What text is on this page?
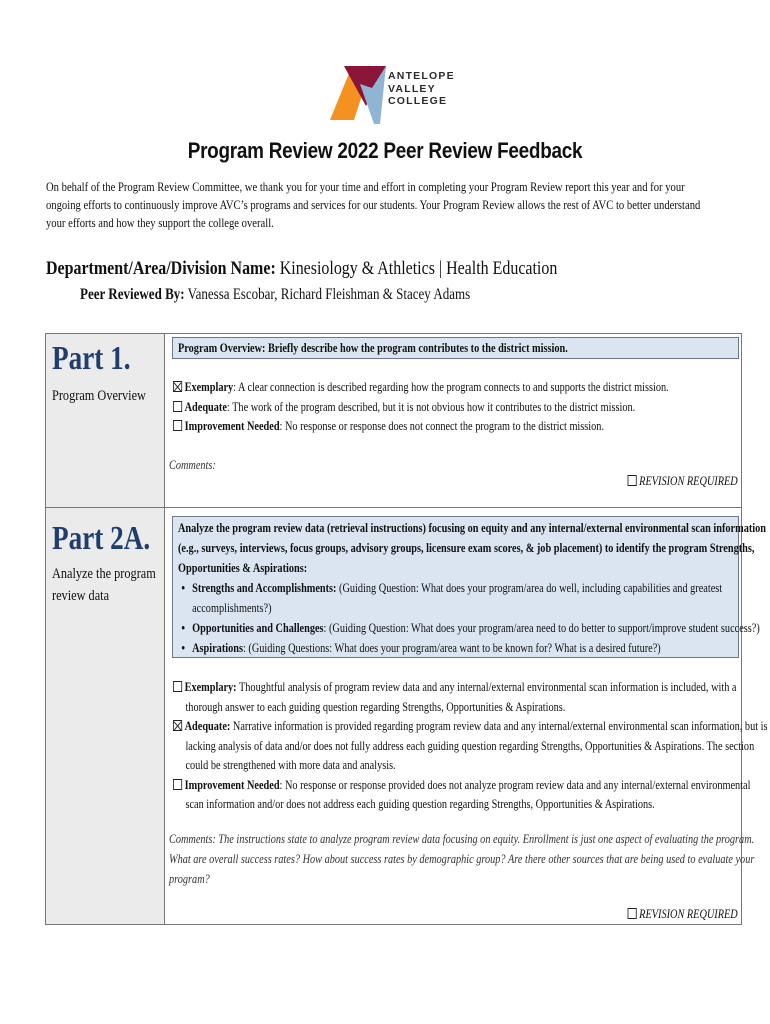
ANTELOPE
VALLEY
COLLEGE
Program Review 2022 Peer Review Feedback
On behalf of the Program Review Committee, we thank you for your time and effort in completing your Program Review report this year and for your ongoing efforts to continuously improve AVC’s programs and services for our students. Your Program Review allows the rest of AVC to better understand your efforts and how they support the college overall.
Department/Area/Division Name: Kinesiology & Athletics | Health Education
Peer Reviewed By: Vanessa Escobar, Richard Fleishman & Stacey Adams
Part 1.
Program Overview
Program Overview: Briefly describe how the program contributes to the district mission.
Exemplary: A clear connection is described regarding how the program connects to and supports the district mission.
Adequate: The work of the program described, but it is not obvious how it contributes to the district mission.
Improvement Needed: No response or response does not connect the program to the district mission.
Comments:
REVISION REQUIRED
Part 2A.
Analyze the program
review data
Analyze the program review data (retrieval instructions) focusing on equity and any internal/external environmental scan information
(e.g., surveys, interviews, focus groups, advisory groups, licensure exam scores, & job placement) to identify the program Strengths,
Opportunities & Aspirations:
• Strengths and Accomplishments: (Guiding Question: What does your program/area do well, including capabilities and greatest
accomplishments?)
• Opportunities and Challenges: (Guiding Question: What does your program/area need to do better to support/improve student success?)
• Aspirations: (Guiding Questions: What does your program/area want to be known for? What is a desired future?)
Exemplary: Thoughtful analysis of program review data and any internal/external environmental scan information is included, with a
thorough answer to each guiding question regarding Strengths, Opportunities & Aspirations.
Adequate: Narrative information is provided regarding program review data and any internal/external environmental scan information, but is
lacking analysis of data and/or does not fully address each guiding question regarding Strengths, Opportunities & Aspirations. The section
could be strengthened with more data and analysis.
Improvement Needed: No response or response provided does not analyze program review data and any internal/external environmental
scan information and/or does not address each guiding question regarding Strengths, Opportunities & Aspirations.
Comments: The instructions state to analyze program review data focusing on equity. Enrollment is just one aspect of evaluating the program.
What are overall success rates? How about success rates by demographic group? Are there other sources that are being used to evaluate your
program?
REVISION REQUIRED
